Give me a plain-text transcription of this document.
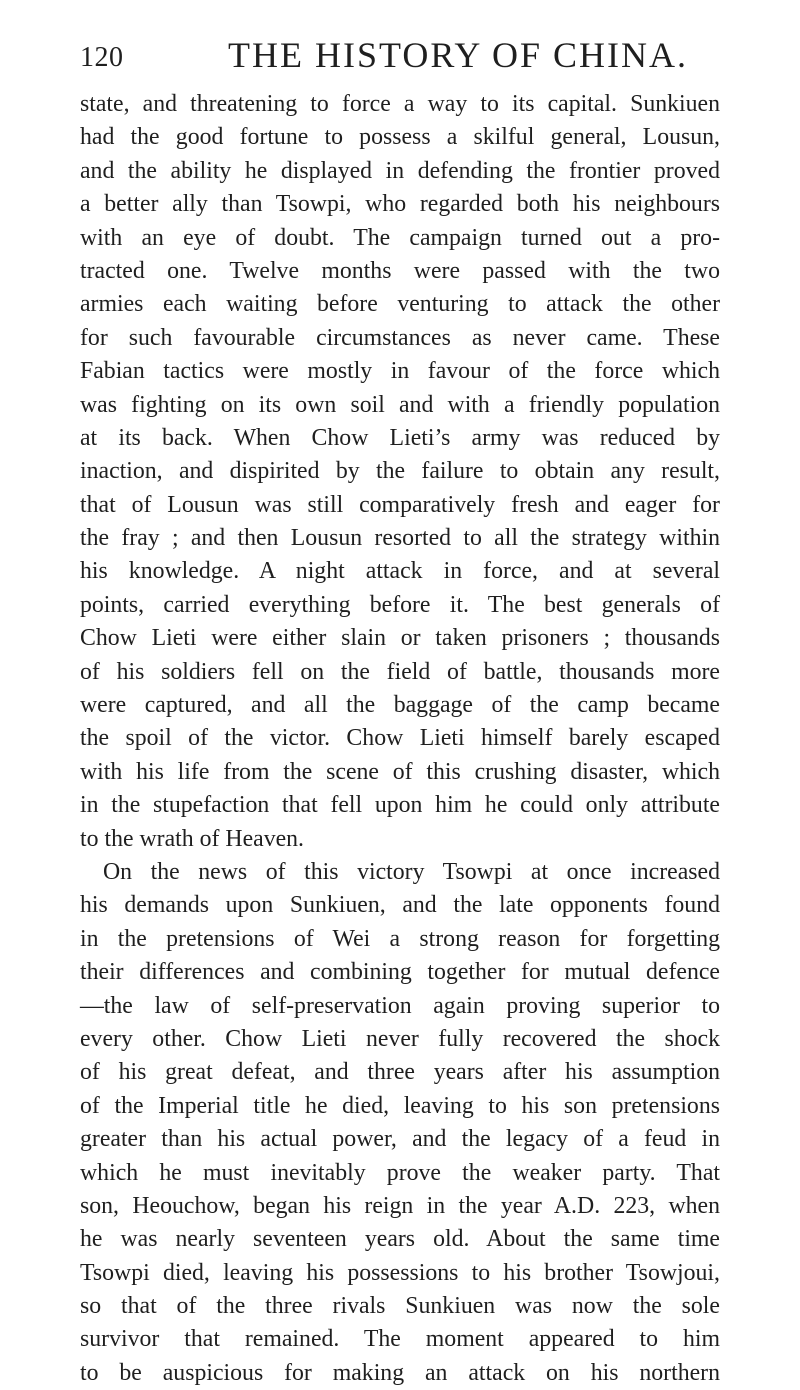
120	THE HISTORY OF CHINA.
state, and threatening to force a way to its capital. Sunkiuen
had the good fortune to possess a skilful general, Lousun,
and the ability he displayed in defending the frontier proved
a better ally than Tsowpi, who regarded both his neighbours
with an eye of doubt. The campaign turned out a pro-
tracted one. Twelve months were passed with the two
armies each waiting before venturing to attack the other
for such favourable circumstances as never came. These
Fabian tactics were mostly in favour of the force which
was fighting on its own soil and with a friendly population
at its back. When Chow Lieti’s army was reduced by
inaction, and dispirited by the failure to obtain any result,
that of Lousun was still comparatively fresh and eager for
the fray ; and then Lousun resorted to all the strategy within
his knowledge. A night attack in force, and at several
points, carried everything before it. The best generals of
Chow Lieti were either slain or taken prisoners ; thousands
of his soldiers fell on the field of battle, thousands more
were captured, and all the baggage of the camp became
the spoil of the victor. Chow Lieti himself barely escaped
with his life from the scene of this crushing disaster, which
in the stupefaction that fell upon him he could only attribute
to the wrath of Heaven.
On the news of this victory Tsowpi at once increased
his demands upon Sunkiuen, and the late opponents found
in the pretensions of Wei a strong reason for forgetting
their differences and combining together for mutual defence
—the law of self-preservation again proving superior to
every other. Chow Lieti never fully recovered the shock
of his great defeat, and three years after his assumption
of the Imperial title he died, leaving to his son pretensions
greater than his actual power, and the legacy of a feud in
which he must inevitably prove the weaker party. That
son, Heouchow, began his reign in the year A.D. 223, when
he was nearly seventeen years old. About the same time
Tsowpi died, leaving his possessions to his brother Tsowjoui,
so that of the three rivals Sunkiuen was now the sole
survivor that remained. The moment appeared to him
to be auspicious for making an attack on his northern
